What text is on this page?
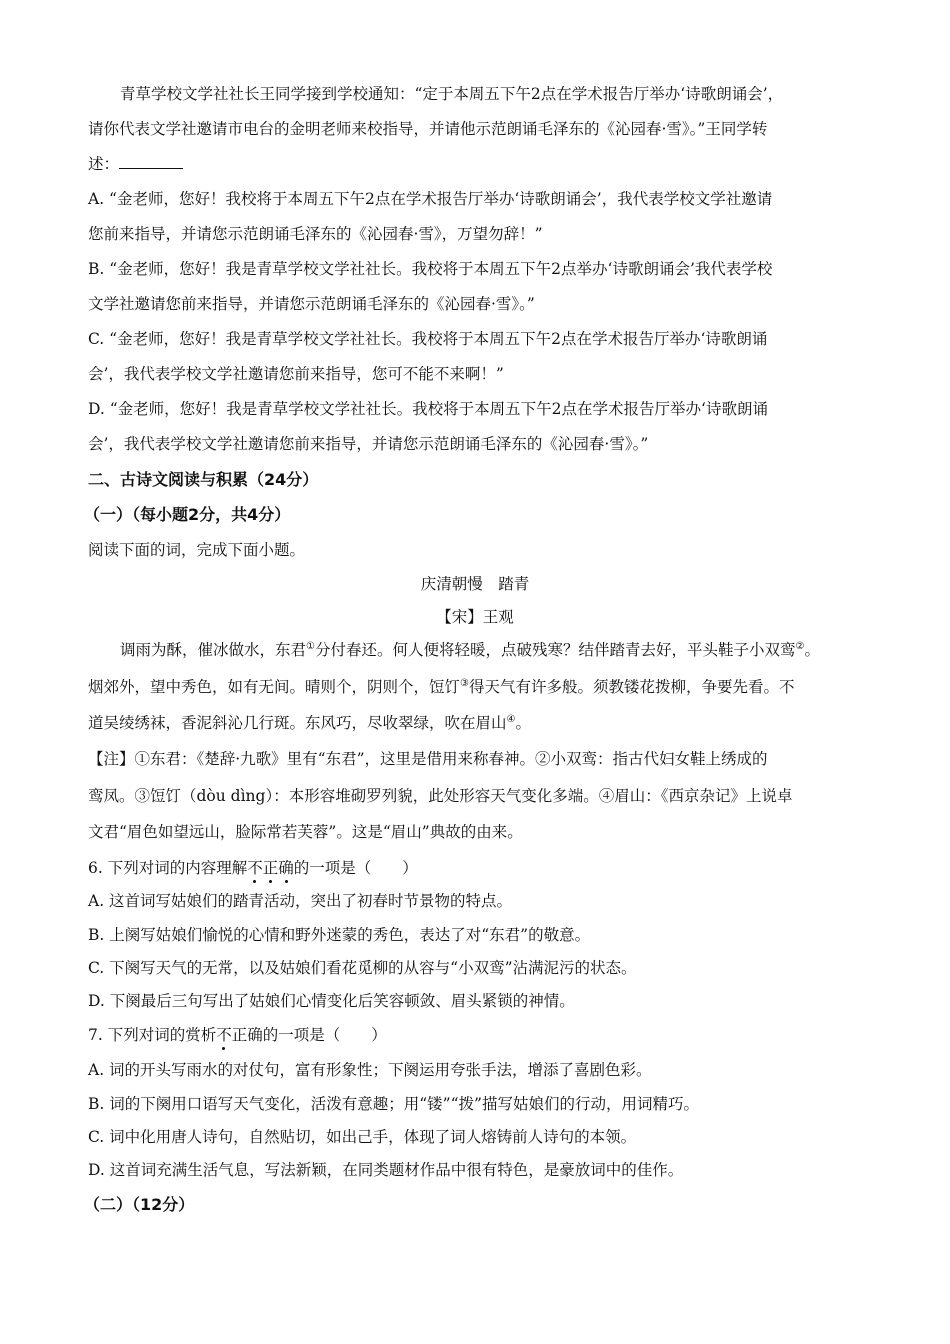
青草学校文学社社长王同学接到学校通知：“定于本周五下午2点在学术报告厅举办‘诗歌朗诵会’，
请你代表文学社邀请市电台的金明老师来校指导，并请他示范朗诵毛泽东的《沁园春·雪》。”王同学转
述：
A. “金老师，您好！我校将于本周五下午2点在学术报告厅举办‘诗歌朗诵会’，我代表学校文学社邀请
您前来指导，并请您示范朗诵毛泽东的《沁园春·雪》，万望勿辞！”
B. “金老师，您好！我是青草学校文学社社长。我校将于本周五下午2点举办‘诗歌朗诵会’我代表学校
文学社邀请您前来指导，并请您示范朗诵毛泽东的《沁园春·雪》。”
C. “金老师，您好！我是青草学校文学社社长。我校将于本周五下午2点在学术报告厅举办‘诗歌朗诵
会’，我代表学校文学社邀请您前来指导，您可不能不来啊！”
D. “金老师，您好！我是青草学校文学社社长。我校将于本周五下午2点在学术报告厅举办‘诗歌朗诵
会’，我代表学校文学社邀请您前来指导，并请您示范朗诵毛泽东的《沁园春·雪》。”
二、古诗文阅读与积累（24分）
（一）（每小题2分，共4分）
阅读下面的词，完成下面小题。
庆清朝慢　踏青
【宋】王观
调雨为酥，催冰做水，东君①分付春还。何人便将轻暖，点破残寒？结伴踏青去好，平头鞋子小双鸾②。
烟郊外，望中秀色，如有无间。晴则个，阴则个，饾饤③得天气有许多般。须教镂花拨柳，争要先看。不
道吴绫绣袜，香泥斜沁几行斑。东风巧，尽收翠绿，吹在眉山④。
【注】①东君：《楚辞·九歌》里有“东君”，这里是借用来称春神。②小双鸾：指古代妇女鞋上绣成的
鸾凤。③饾饤（dòu dìng）：本形容堆砌罗列貌，此处形容天气变化多端。④眉山：《西京杂记》上说卓
文君“眉色如望远山，脸际常若芙蓉”。这是“眉山”典故的由来。
6. 下列对词的内容理解不正确的一项是（　　）
A. 这首词写姑娘们的踏青活动，突出了初春时节景物的特点。
B. 上阕写姑娘们愉悦的心情和野外迷蒙的秀色，表达了对“东君”的敬意。
C. 下阕写天气的无常，以及姑娘们看花觅柳的从容与“小双鸾”沾满泥污的状态。
D. 下阕最后三句写出了姑娘们心情变化后笑容顿敛、眉头紧锁的神情。
7. 下列对词的赏析不正确的一项是（　　）
A. 词的开头写雨水的对仗句，富有形象性；下阕运用夸张手法，增添了喜剧色彩。
B. 词的下阕用口语写天气变化，活泼有意趣；用“镂”“拨”描写姑娘们的行动，用词精巧。
C. 词中化用唐人诗句，自然贴切，如出己手，体现了词人熔铸前人诗句的本领。
D. 这首词充满生活气息，写法新颖，在同类题材作品中很有特色，是豪放词中的佳作。
（二）（12分）
